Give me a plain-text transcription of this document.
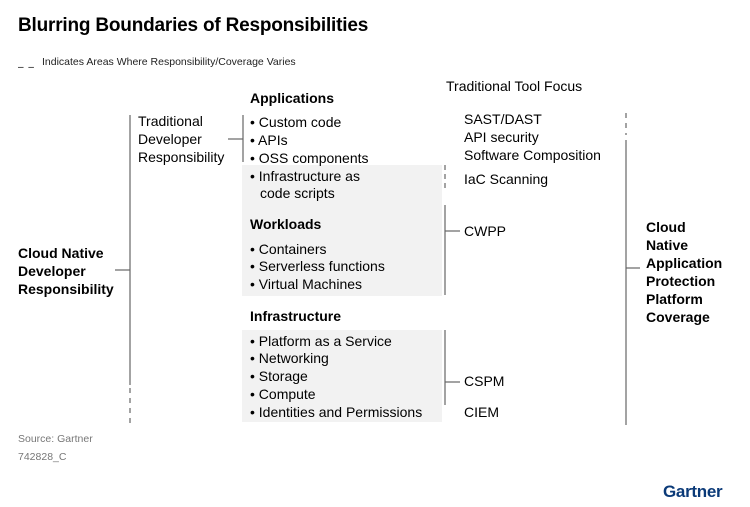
Blurring Boundaries of Responsibilities
– – Indicates Areas Where Responsibility/Coverage Varies
Traditional Tool Focus
Cloud Native
Developer
Responsibility
Traditional
Developer
Responsibility
Applications
• Custom code
• APIs
• OSS components
• Infrastructure as
code scripts
Workloads
• Containers
• Serverless functions
• Virtual Machines
Infrastructure
• Platform as a Service
• Networking
• Storage
• Compute
• Identities and Permissions
SAST/DAST
API security
Software Composition
IaC Scanning
CWPP
CSPM
CIEM
Cloud
Native
Application
Protection
Platform
Coverage
Source: Gartner
742828_C
Gartner
